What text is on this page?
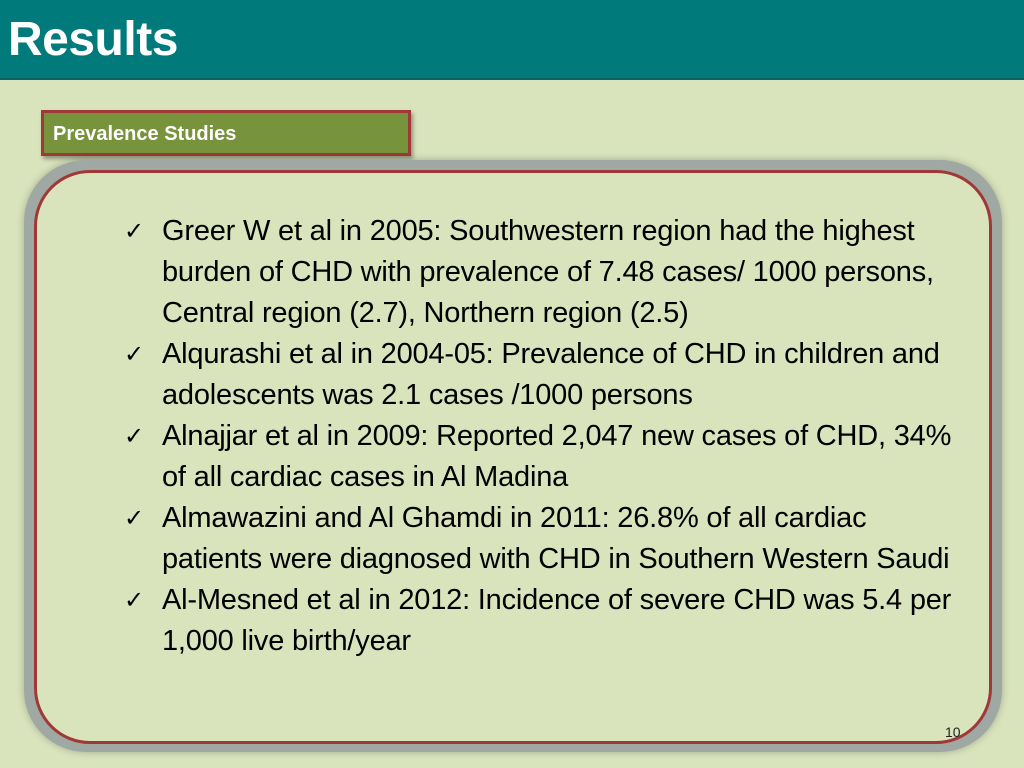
Results
Prevalence Studies
✓ Greer W et al in 2005: Southwestern region had the highest burden of CHD with prevalence of 7.48 cases/ 1000 persons, Central region (2.7), Northern region (2.5)
✓ Alqurashi et al in 2004-05: Prevalence of CHD in children and adolescents was 2.1 cases /1000 persons
✓ Alnajjar et al in 2009: Reported 2,047 new cases of CHD, 34% of all cardiac cases in Al Madina
✓ Almawazini and Al Ghamdi in 2011: 26.8% of all cardiac patients were diagnosed with CHD in Southern Western Saudi
✓ Al-Mesned et al in 2012: Incidence of severe CHD was 5.4 per 1,000 live birth/year
10
